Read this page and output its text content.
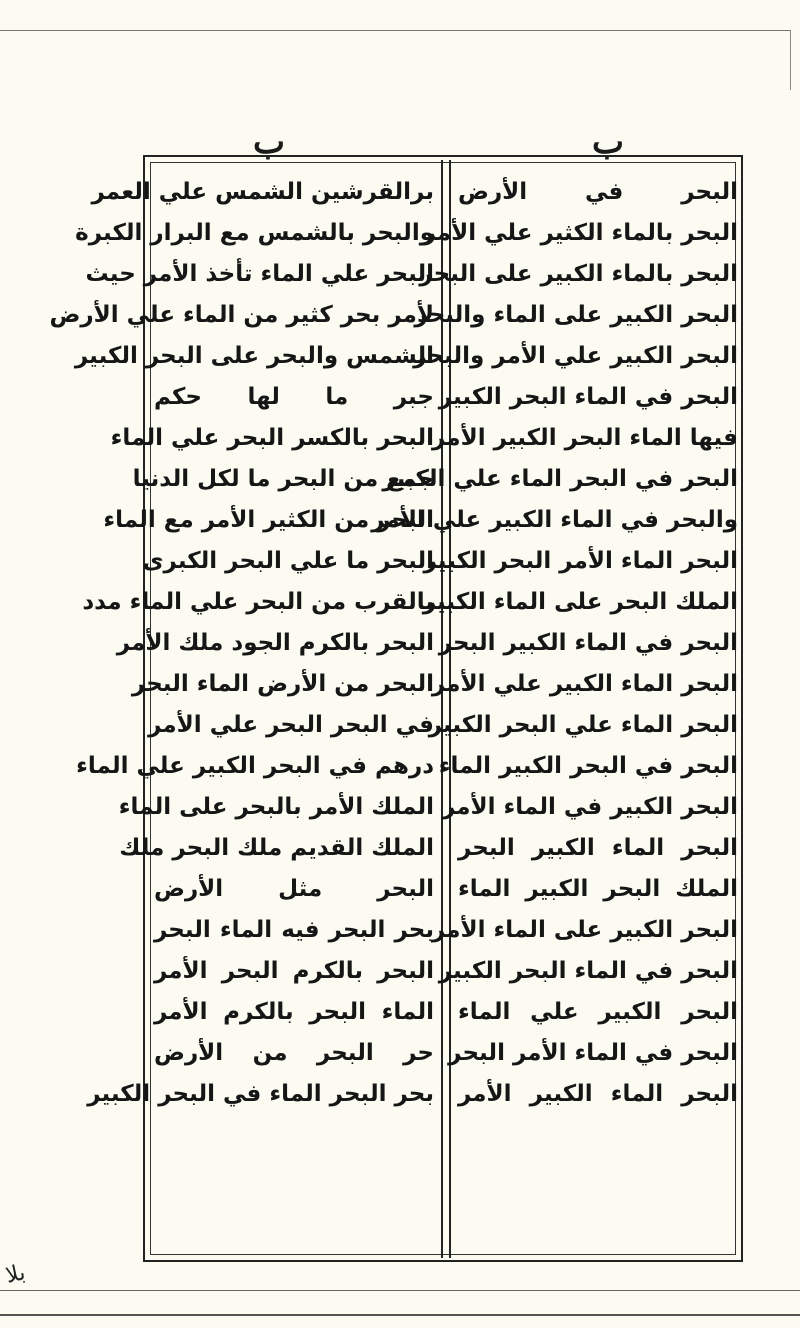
ب	ب
برالقرشين الشمس علي العمر
والبحر بالشمس مع البرار الكبرة
البحر علي الماء تأخذ الأمر حيث
لأمر بحر كثير من الماء علي الأرض
الشمس والبحر على البحر الكبير
جبر ما لها حكم
البحر بالكسر البحر علي الماء
جمع من البحر ما لكل الدنيا
البحر من الكثير الأمر مع الماء
البحر ما علي البحر الكبرى
بالقرب من البحر علي الماء مدد
البحر بالكرم الجود ملك الأمر
البحر من الأرض الماء البحر
في البحر البحر علي الأمر
درهم في البحر الكبير علي الماء
الملك الأمر بالبحر على الماء
الملك القديم ملك البحر ملك
البحر مثل الأرض
بحر البحر فيه الماء البحر
البحر بالكرم البحر الأمر
الماء البحر بالكرم الأمر
حر البحر من الأرض
بحر البحر الماء في البحر الكبير
البحر في الأرض
البحر بالماء الكثير علي الأمر
البحر بالماء الكبير على البحر
البحر الكبير على الماء والبحر
البحر الكبير علي الأمر والبحر
البحر في الماء البحر الكبير
فيها الماء البحر الكبير الأمر
البحر في البحر الماء علي الكبير
والبحر في الماء الكبير علي الأمر
البحر الماء الأمر البحر الكبير
الملك البحر على الماء الكبير
البحر في الماء الكبير البحر
البحر الماء الكبير علي الأمر
البحر الماء علي البحر الكبير
البحر في البحر الكبير الماء
البحر الكبير في الماء الأمر
البحر الماء الكبير البحر
الملك البحر الكبير الماء
البحر الكبير على الماء الأمر
البحر في الماء البحر الكبير
البحر الكبير علي الماء
البحر في الماء الأمر البحر
البحر الماء الكبير الأمر
بلا
